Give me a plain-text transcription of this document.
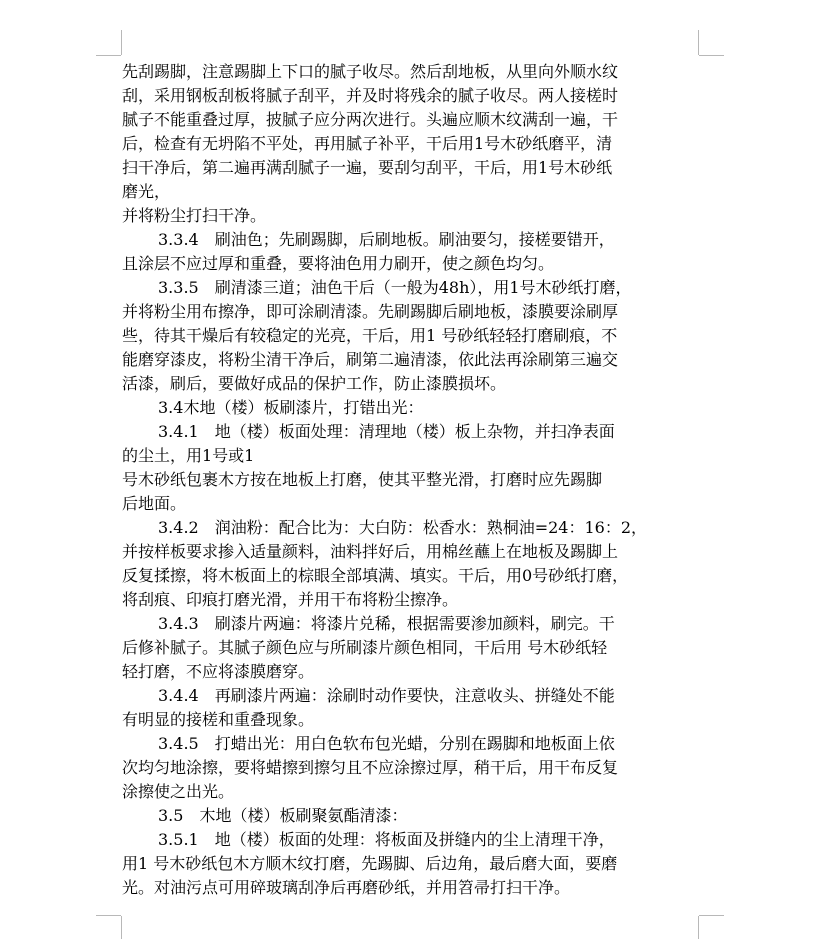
先刮踢脚，注意踢脚上下口的腻子收尽。然后刮地板，从里向外顺水纹
刮，采用钢板刮板将腻子刮平，并及时将残余的腻子收尽。两人接槎时
腻子不能重叠过厚，披腻子应分两次进行。头遍应顺木纹满刮一遍，干
后，检查有无坍陷不平处，再用腻子补平，干后用1号木砂纸磨平，清
扫干净后，第二遍再满刮腻子一遍，要刮匀刮平，干后，用1号木砂纸
磨光，
并将粉尘打扫干净。
3.3.4　刷油色；先刷踢脚，后刷地板。刷油要匀，接槎要错开，
且涂层不应过厚和重叠，要将油色用力刷开，使之颜色均匀。
3.3.5　刷清漆三道；油色干后（一般为48h），用1号木砂纸打磨，
并将粉尘用布擦净，即可涂刷清漆。先刷踢脚后刷地板，漆膜要涂刷厚
些，待其干燥后有较稳定的光亮，干后，用1 号砂纸轻轻打磨刷痕，不
能磨穿漆皮，将粉尘清干净后，刷第二遍清漆，依此法再涂刷第三遍交
活漆，刷后，要做好成品的保护工作，防止漆膜损坏。
3.4木地（楼）板刷漆片，打错出光：
3.4.1　地（楼）板面处理：清理地（楼）板上杂物，并扫净表面
的尘土，用1号或1
号木砂纸包裹木方按在地板上打磨，使其平整光滑，打磨时应先踢脚
后地面。
3.4.2　润油粉：配合比为：大白防：松香水：熟桐油=24：16：2，
并按样板要求掺入适量颜料，油料拌好后，用棉丝蘸上在地板及踢脚上
反复揉擦，将木板面上的棕眼全部填满、填实。干后，用0号砂纸打磨，
将刮痕、印痕打磨光滑，并用干布将粉尘擦净。
3.4.3　刷漆片两遍：将漆片兑稀，根据需要渗加颜料，刷完。干
后修补腻子。其腻子颜色应与所刷漆片颜色相同，干后用 号木砂纸轻
轻打磨，不应将漆膜磨穿。
3.4.4　再刷漆片两遍：涂刷时动作要快，注意收头、拼缝处不能
有明显的接槎和重叠现象。
3.4.5　打蜡出光：用白色软布包光蜡，分别在踢脚和地板面上依
次均匀地涂擦，要将蜡擦到擦匀且不应涂擦过厚，稍干后，用干布反复
涂擦使之出光。
3.5　木地（楼）板刷聚氨酯清漆：
3.5.1　地（楼）板面的处理：将板面及拼缝内的尘上清理干净，
用1 号木砂纸包木方顺木纹打磨，先踢脚、后边角，最后磨大面，要磨
光。对油污点可用碎玻璃刮净后再磨砂纸，并用笤帚打扫干净。
